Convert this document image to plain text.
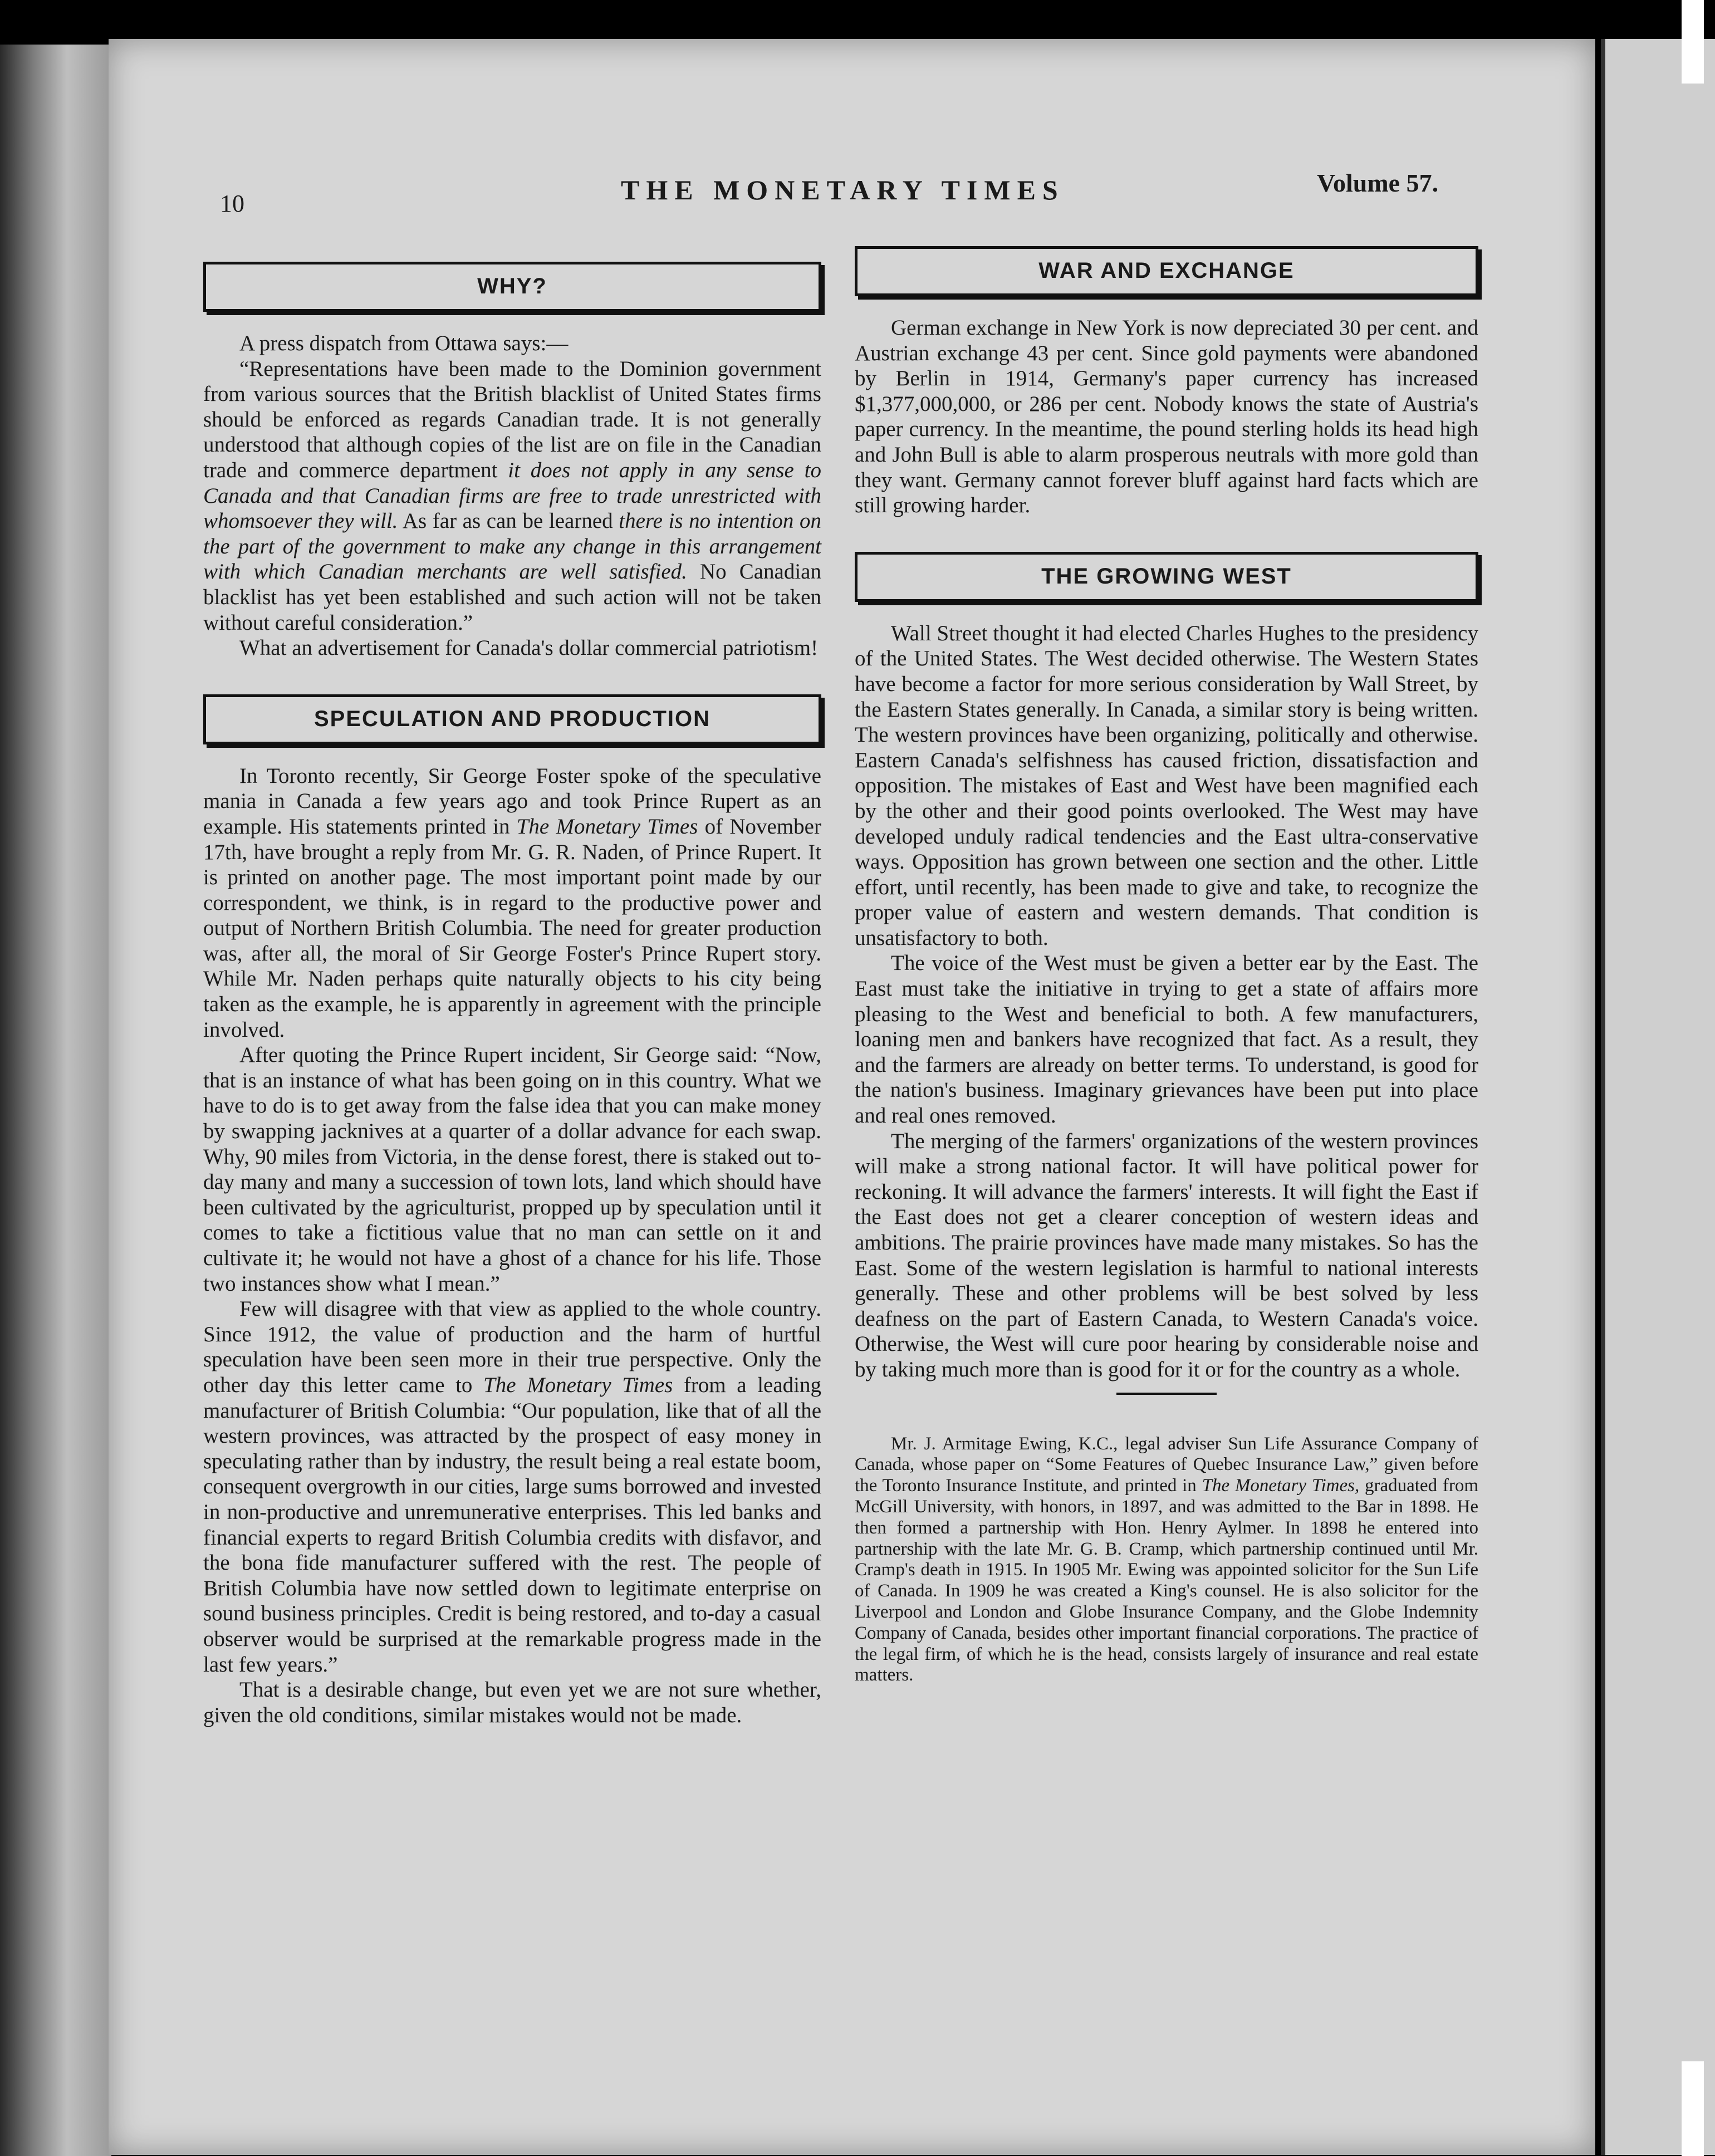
10	THE MONETARY TIMES	Volume 57.
WHY?

A press dispatch from Ottawa says:—

“Representations have been made to the Dominion government from various sources that the British blacklist of United States firms should be enforced as regards Canadian trade. It is not generally understood that although copies of the list are on file in the Canadian trade and commerce department it does not apply in any sense to Canada and that Canadian firms are free to trade unrestricted with whomsoever they will. As far as can be learned there is no intention on the part of the government to make any change in this arrangement with which Canadian merchants are well satisfied. No Canadian blacklist has yet been established and such action will not be taken without careful consideration.”

What an advertisement for Canada's dollar commercial patriotism!

SPECULATION AND PRODUCTION

In Toronto recently, Sir George Foster spoke of the speculative mania in Canada a few years ago and took Prince Rupert as an example. His statements printed in The Monetary Times of November 17th, have brought a reply from Mr. G. R. Naden, of Prince Rupert. It is printed on another page. The most important point made by our correspondent, we think, is in regard to the productive power and output of Northern British Columbia. The need for greater production was, after all, the moral of Sir George Foster's Prince Rupert story. While Mr. Naden perhaps quite naturally objects to his city being taken as the example, he is apparently in agreement with the principle involved.

After quoting the Prince Rupert incident, Sir George said: “Now, that is an instance of what has been going on in this country. What we have to do is to get away from the false idea that you can make money by swapping jacknives at a quarter of a dollar advance for each swap. Why, 90 miles from Victoria, in the dense forest, there is staked out to-day many and many a succession of town lots, land which should have been cultivated by the agriculturist, propped up by speculation until it comes to take a fictitious value that no man can settle on it and cultivate it; he would not have a ghost of a chance for his life. Those two instances show what I mean.”

Few will disagree with that view as applied to the whole country. Since 1912, the value of production and the harm of hurtful speculation have been seen more in their true perspective. Only the other day this letter came to The Monetary Times from a leading manufacturer of British Columbia: “Our population, like that of all the western provinces, was attracted by the prospect of easy money in speculating rather than by industry, the result being a real estate boom, consequent overgrowth in our cities, large sums borrowed and invested in non-productive and unremunerative enterprises. This led banks and financial experts to regard British Columbia credits with disfavor, and the bona fide manufacturer suffered with the rest. The people of British Columbia have now settled down to legitimate enterprise on sound business principles. Credit is being restored, and to-day a casual observer would be surprised at the remarkable progress made in the last few years.”

That is a desirable change, but even yet we are not sure whether, given the old conditions, similar mistakes would not be made.

WAR AND EXCHANGE

German exchange in New York is now depreciated 30 per cent. and Austrian exchange 43 per cent. Since gold payments were abandoned by Berlin in 1914, Germany's paper currency has increased $1,377,000,000, or 286 per cent. Nobody knows the state of Austria's paper currency. In the meantime, the pound sterling holds its head high and John Bull is able to alarm prosperous neutrals with more gold than they want. Germany cannot forever bluff against hard facts which are still growing harder.

THE GROWING WEST

Wall Street thought it had elected Charles Hughes to the presidency of the United States. The West decided otherwise. The Western States have become a factor for more serious consideration by Wall Street, by the Eastern States generally. In Canada, a similar story is being written. The western provinces have been organizing, politically and otherwise. Eastern Canada's selfishness has caused friction, dissatisfaction and opposition. The mistakes of East and West have been magnified each by the other and their good points overlooked. The West may have developed unduly radical tendencies and the East ultra-conservative ways. Opposition has grown between one section and the other. Little effort, until recently, has been made to give and take, to recognize the proper value of eastern and western demands. That condition is unsatisfactory to both.

The voice of the West must be given a better ear by the East. The East must take the initiative in trying to get a state of affairs more pleasing to the West and beneficial to both. A few manufacturers, loaning men and bankers have recognized that fact. As a result, they and the farmers are already on better terms. To understand, is good for the nation's business. Imaginary grievances have been put into place and real ones removed.

The merging of the farmers' organizations of the western provinces will make a strong national factor. It will have political power for reckoning. It will advance the farmers' interests. It will fight the East if the East does not get a clearer conception of western ideas and ambitions. The prairie provinces have made many mistakes. So has the East. Some of the western legislation is harmful to national interests generally. These and other problems will be best solved by less deafness on the part of Eastern Canada, to Western Canada's voice. Otherwise, the West will cure poor hearing by considerable noise and by taking much more than is good for it or for the country as a whole.

Mr. J. Armitage Ewing, K.C., legal adviser Sun Life Assurance Company of Canada, whose paper on “Some Features of Quebec Insurance Law,” given before the Toronto Insurance Institute, and printed in The Monetary Times, graduated from McGill University, with honors, in 1897, and was admitted to the Bar in 1898. He then formed a partnership with Hon. Henry Aylmer. In 1898 he entered into partnership with the late Mr. G. B. Cramp, which partnership continued until Mr. Cramp's death in 1915. In 1905 Mr. Ewing was appointed solicitor for the Sun Life of Canada. In 1909 he was created a King's counsel. He is also solicitor for the Liverpool and London and Globe Insurance Company, and the Globe Indemnity Company of Canada, besides other important financial corporations. The practice of the legal firm, of which he is the head, consists largely of insurance and real estate matters.
